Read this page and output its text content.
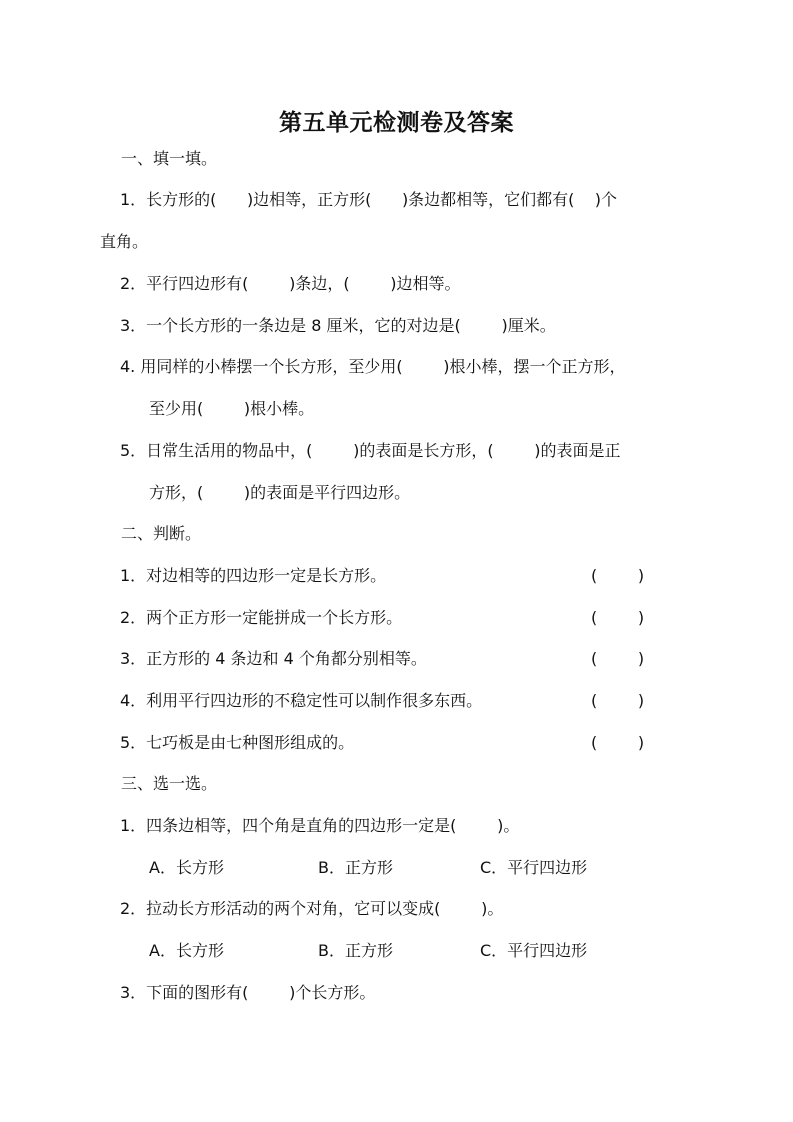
第五单元检测卷及答案
一、填一填。
1．长方形的(      )边相等，正方形(      )条边都相等，它们都有(    )个
直角。
2．平行四边形有(        )条边，(        )边相等。
3．一个长方形的一条边是 8 厘米，它的对边是(        )厘米。
4. 用同样的小棒摆一个长方形，至少用(        )根小棒，摆一个正方形，
至少用(        )根小棒。
5．日常生活用的物品中，(        )的表面是长方形，(        )的表面是正
方形，(        )的表面是平行四边形。
二、判断。
1．对边相等的四边形一定是长方形。	(        )
2．两个正方形一定能拼成一个长方形。	(        )
3．正方形的 4 条边和 4 个角都分别相等。	(        )
4．利用平行四边形的不稳定性可以制作很多东西。	(        )
5．七巧板是由七种图形组成的。	(        )
三、选一选。
1．四条边相等，四个角是直角的四边形一定是(        )。
A．长方形	B．正方形	C．平行四边形
2．拉动长方形活动的两个对角，它可以变成(        )。
A．长方形	B．正方形	C．平行四边形
3．下面的图形有(        )个长方形。
